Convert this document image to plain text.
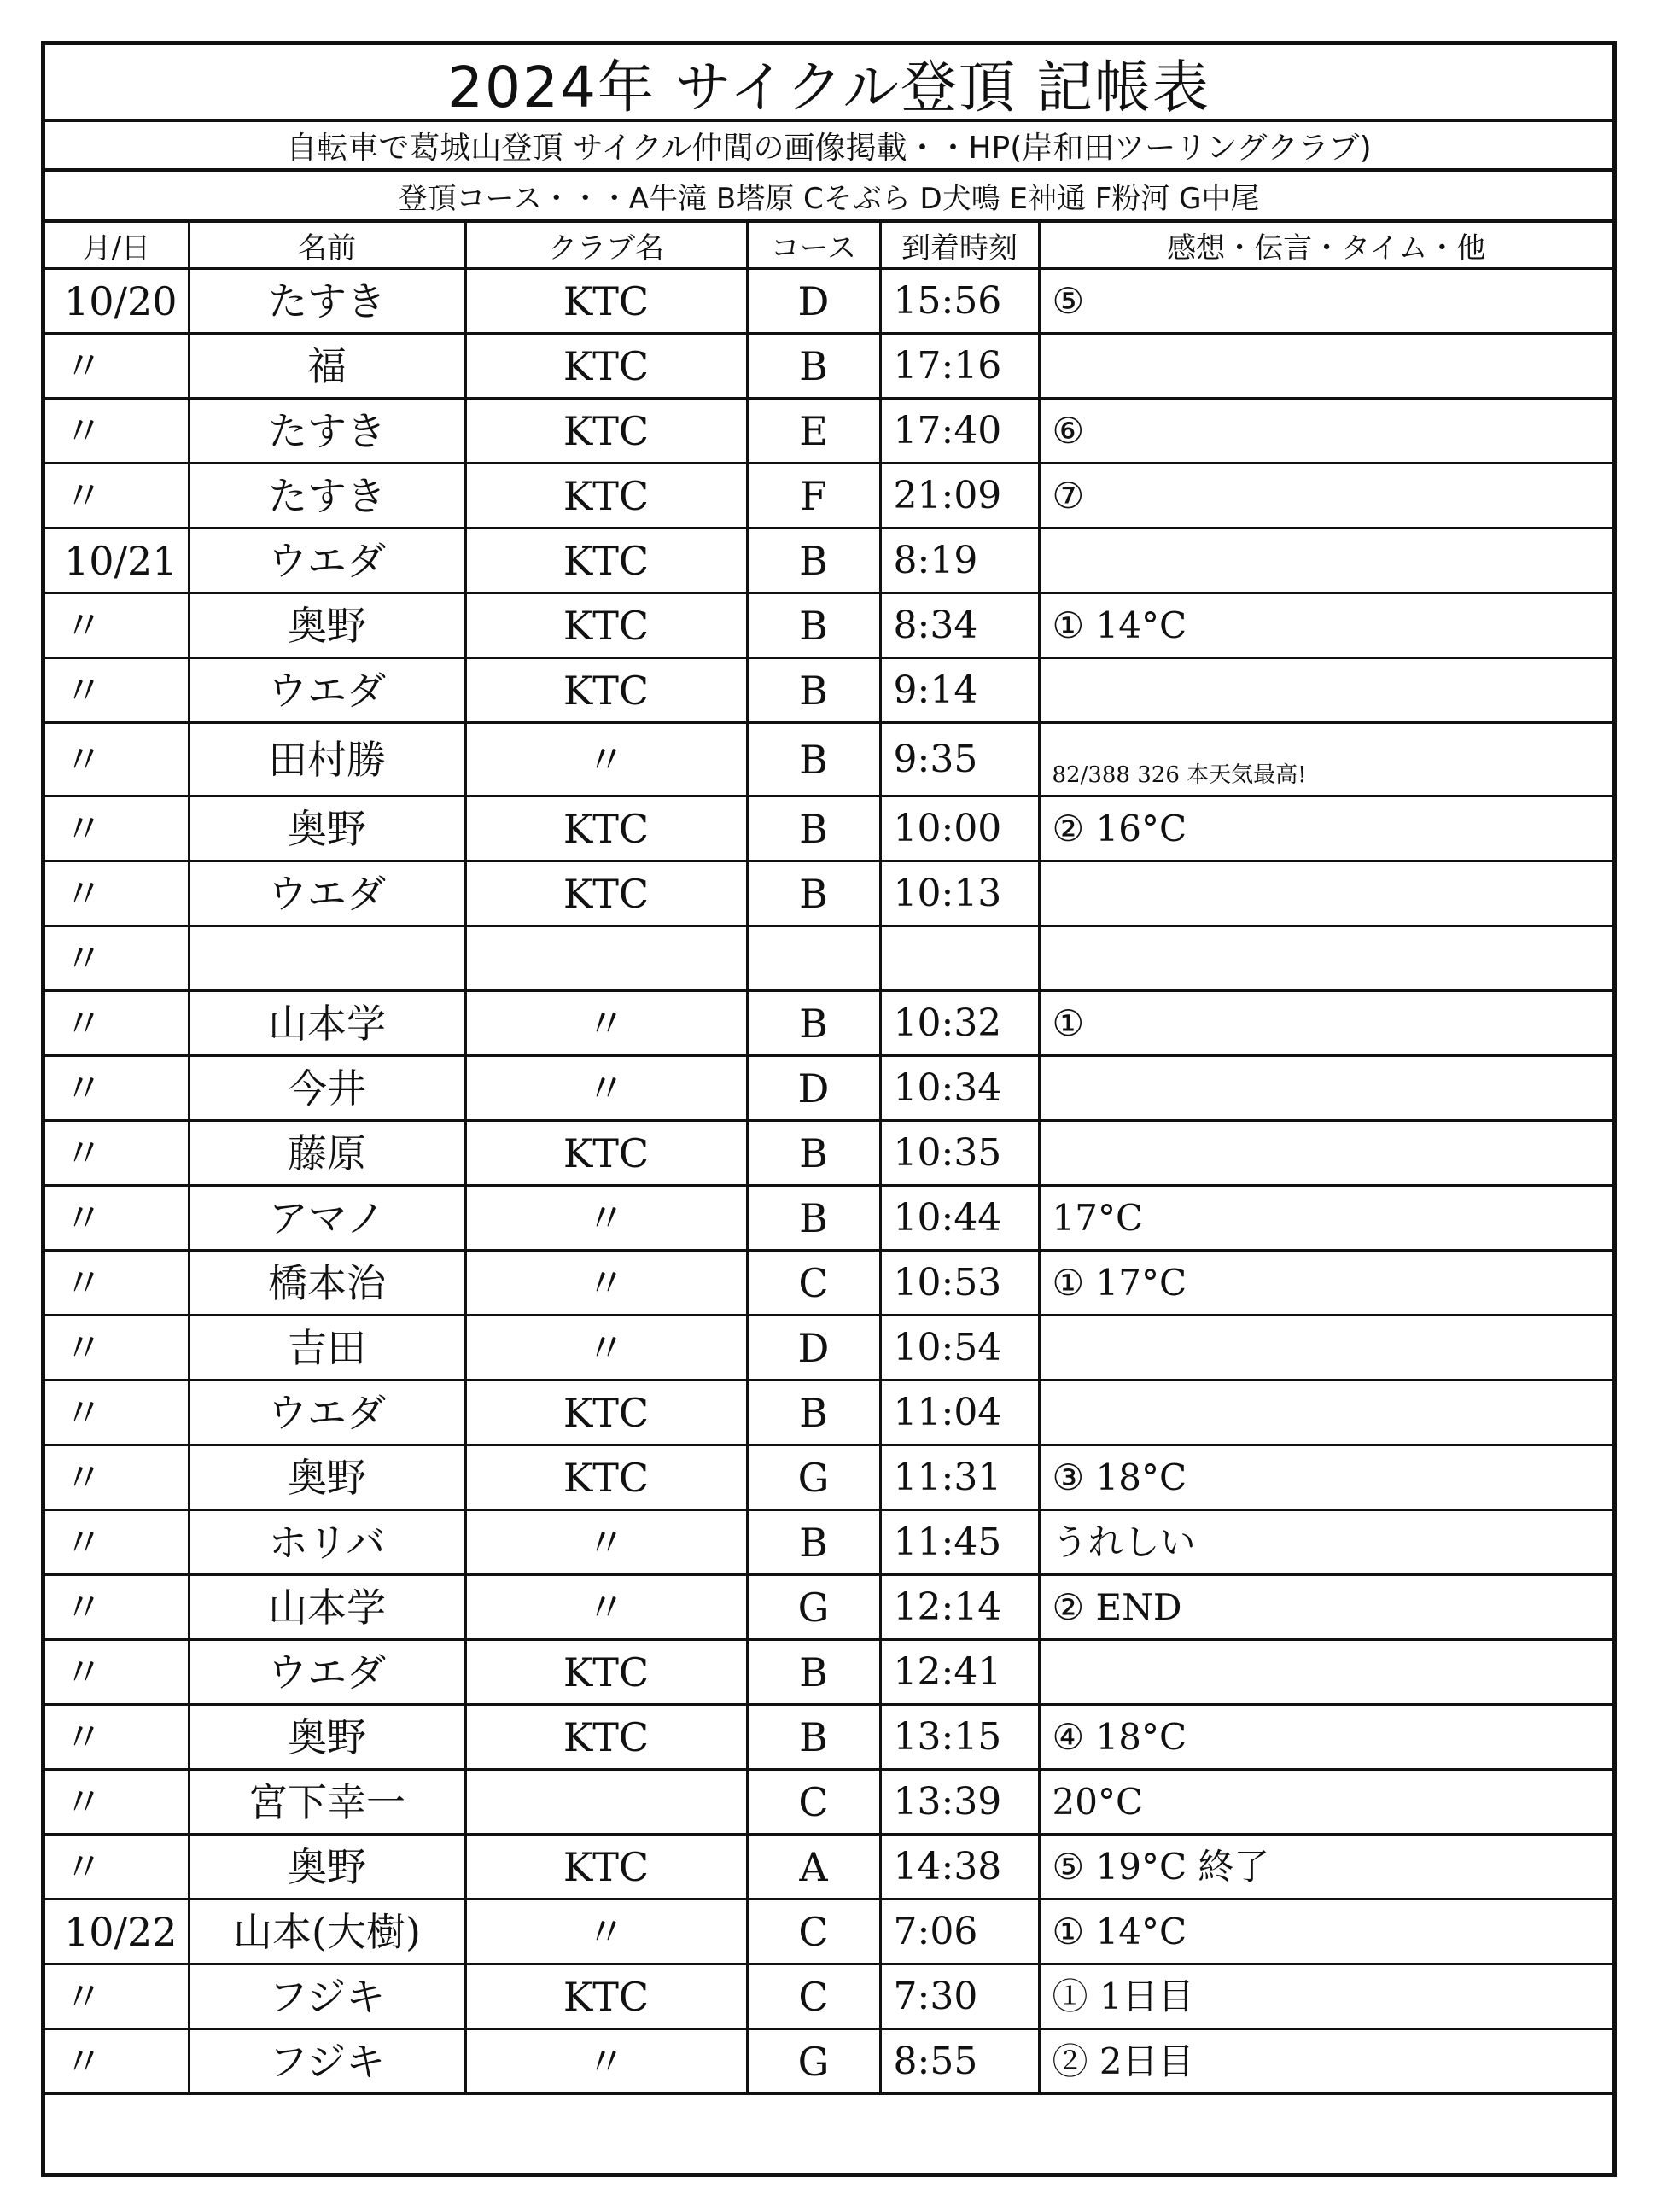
2024年 サイクル登頂 記帳表
自転車で葛城山登頂 サイクル仲間の画像掲載・・HP(岸和田ツーリングクラブ)
登頂コース・・・A牛滝 B塔原 Cそぶら D犬鳴 E神通 F粉河 G中尾
月/日	名前	クラブ名	コース	到着時刻	感想・伝言・タイム・他
10/20	たすき	KTC	D	15:56	⑤
〃	福	KTC	B	17:16	
〃	たすき	KTC	E	17:40	⑥
〃	たすき	KTC	F	21:09	⑦
10/21	ウエダ	KTC	B	8:19	
〃	奥野	KTC	B	8:34	① 14°C
〃	ウエダ	KTC	B	9:14	
〃	田村勝	〃	B	9:35	82/388 326 本天気最高!
〃	奥野	KTC	B	10:00	② 16°C
〃	ウエダ	KTC	B	10:13	
〃					
〃	山本学	〃	B	10:32	①
〃	今井	〃	D	10:34	
〃	藤原	KTC	B	10:35	
〃	アマノ	〃	B	10:44	17°C
〃	橋本治	〃	C	10:53	① 17°C
〃	吉田	〃	D	10:54	
〃	ウエダ	KTC	B	11:04	
〃	奥野	KTC	G	11:31	③ 18°C
〃	ホリバ	〃	B	11:45	うれしい
〃	山本学	〃	G	12:14	② END
〃	ウエダ	KTC	B	12:41	
〃	奥野	KTC	B	13:15	④ 18°C
〃	宮下幸一		C	13:39	20°C
〃	奥野	KTC	A	14:38	⑤ 19°C 終了
10/22	山本(大樹)	〃	C	7:06	① 14°C
〃	フジキ	KTC	C	7:30	① 1日目
〃	フジキ	〃	G	8:55	② 2日目
